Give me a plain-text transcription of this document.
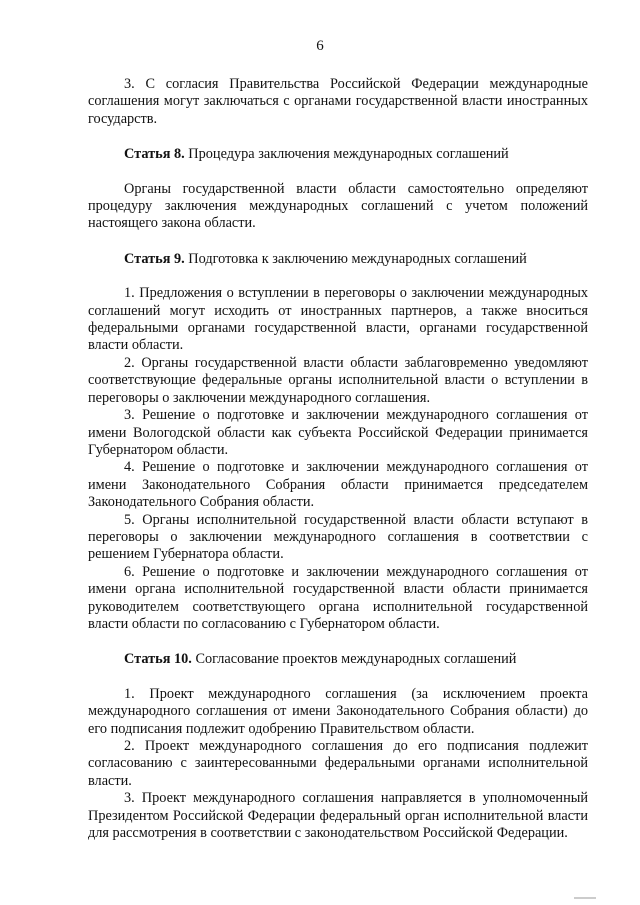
6

3. С согласия Правительства Российской Федерации международные соглашения могут заключаться с органами государственной власти иностранных государств.

Статья 8. Процедура заключения международных соглашений

Органы государственной власти области самостоятельно определяют процедуру заключения международных соглашений с учетом положений настоящего закона области.

Статья 9. Подготовка к заключению международных соглашений

1. Предложения о вступлении в переговоры о заключении международных соглашений могут исходить от иностранных партнеров, а также вноситься федеральными органами государственной власти, органами государственной власти области.

2. Органы государственной власти области заблаговременно уведомляют соответствующие федеральные органы исполнительной власти о вступлении в переговоры о заключении международного соглашения.

3. Решение о подготовке и заключении международного соглашения от имени Вологодской области как субъекта Российской Федерации принимается Губернатором области.

4. Решение о подготовке и заключении международного соглашения от имени Законодательного Собрания области принимается председателем Законодательного Собрания области.

5. Органы исполнительной государственной власти области вступают в переговоры о заключении международного соглашения в соответствии с решением Губернатора области.

6. Решение о подготовке и заключении международного соглашения от имени органа исполнительной государственной власти области принимается руководителем соответствующего органа исполнительной государственной власти области по согласованию с Губернатором области.

Статья 10. Согласование проектов международных соглашений

1. Проект международного соглашения (за исключением проекта международного соглашения от имени Законодательного Собрания области) до его подписания подлежит одобрению Правительством области.

2. Проект международного соглашения до его подписания подлежит согласованию с заинтересованными федеральными органами исполнительной власти.

3. Проект международного соглашения направляется в уполномоченный Президентом Российской Федерации федеральный орган исполнительной власти для рассмотрения в соответствии с законодательством Российской Федерации.
